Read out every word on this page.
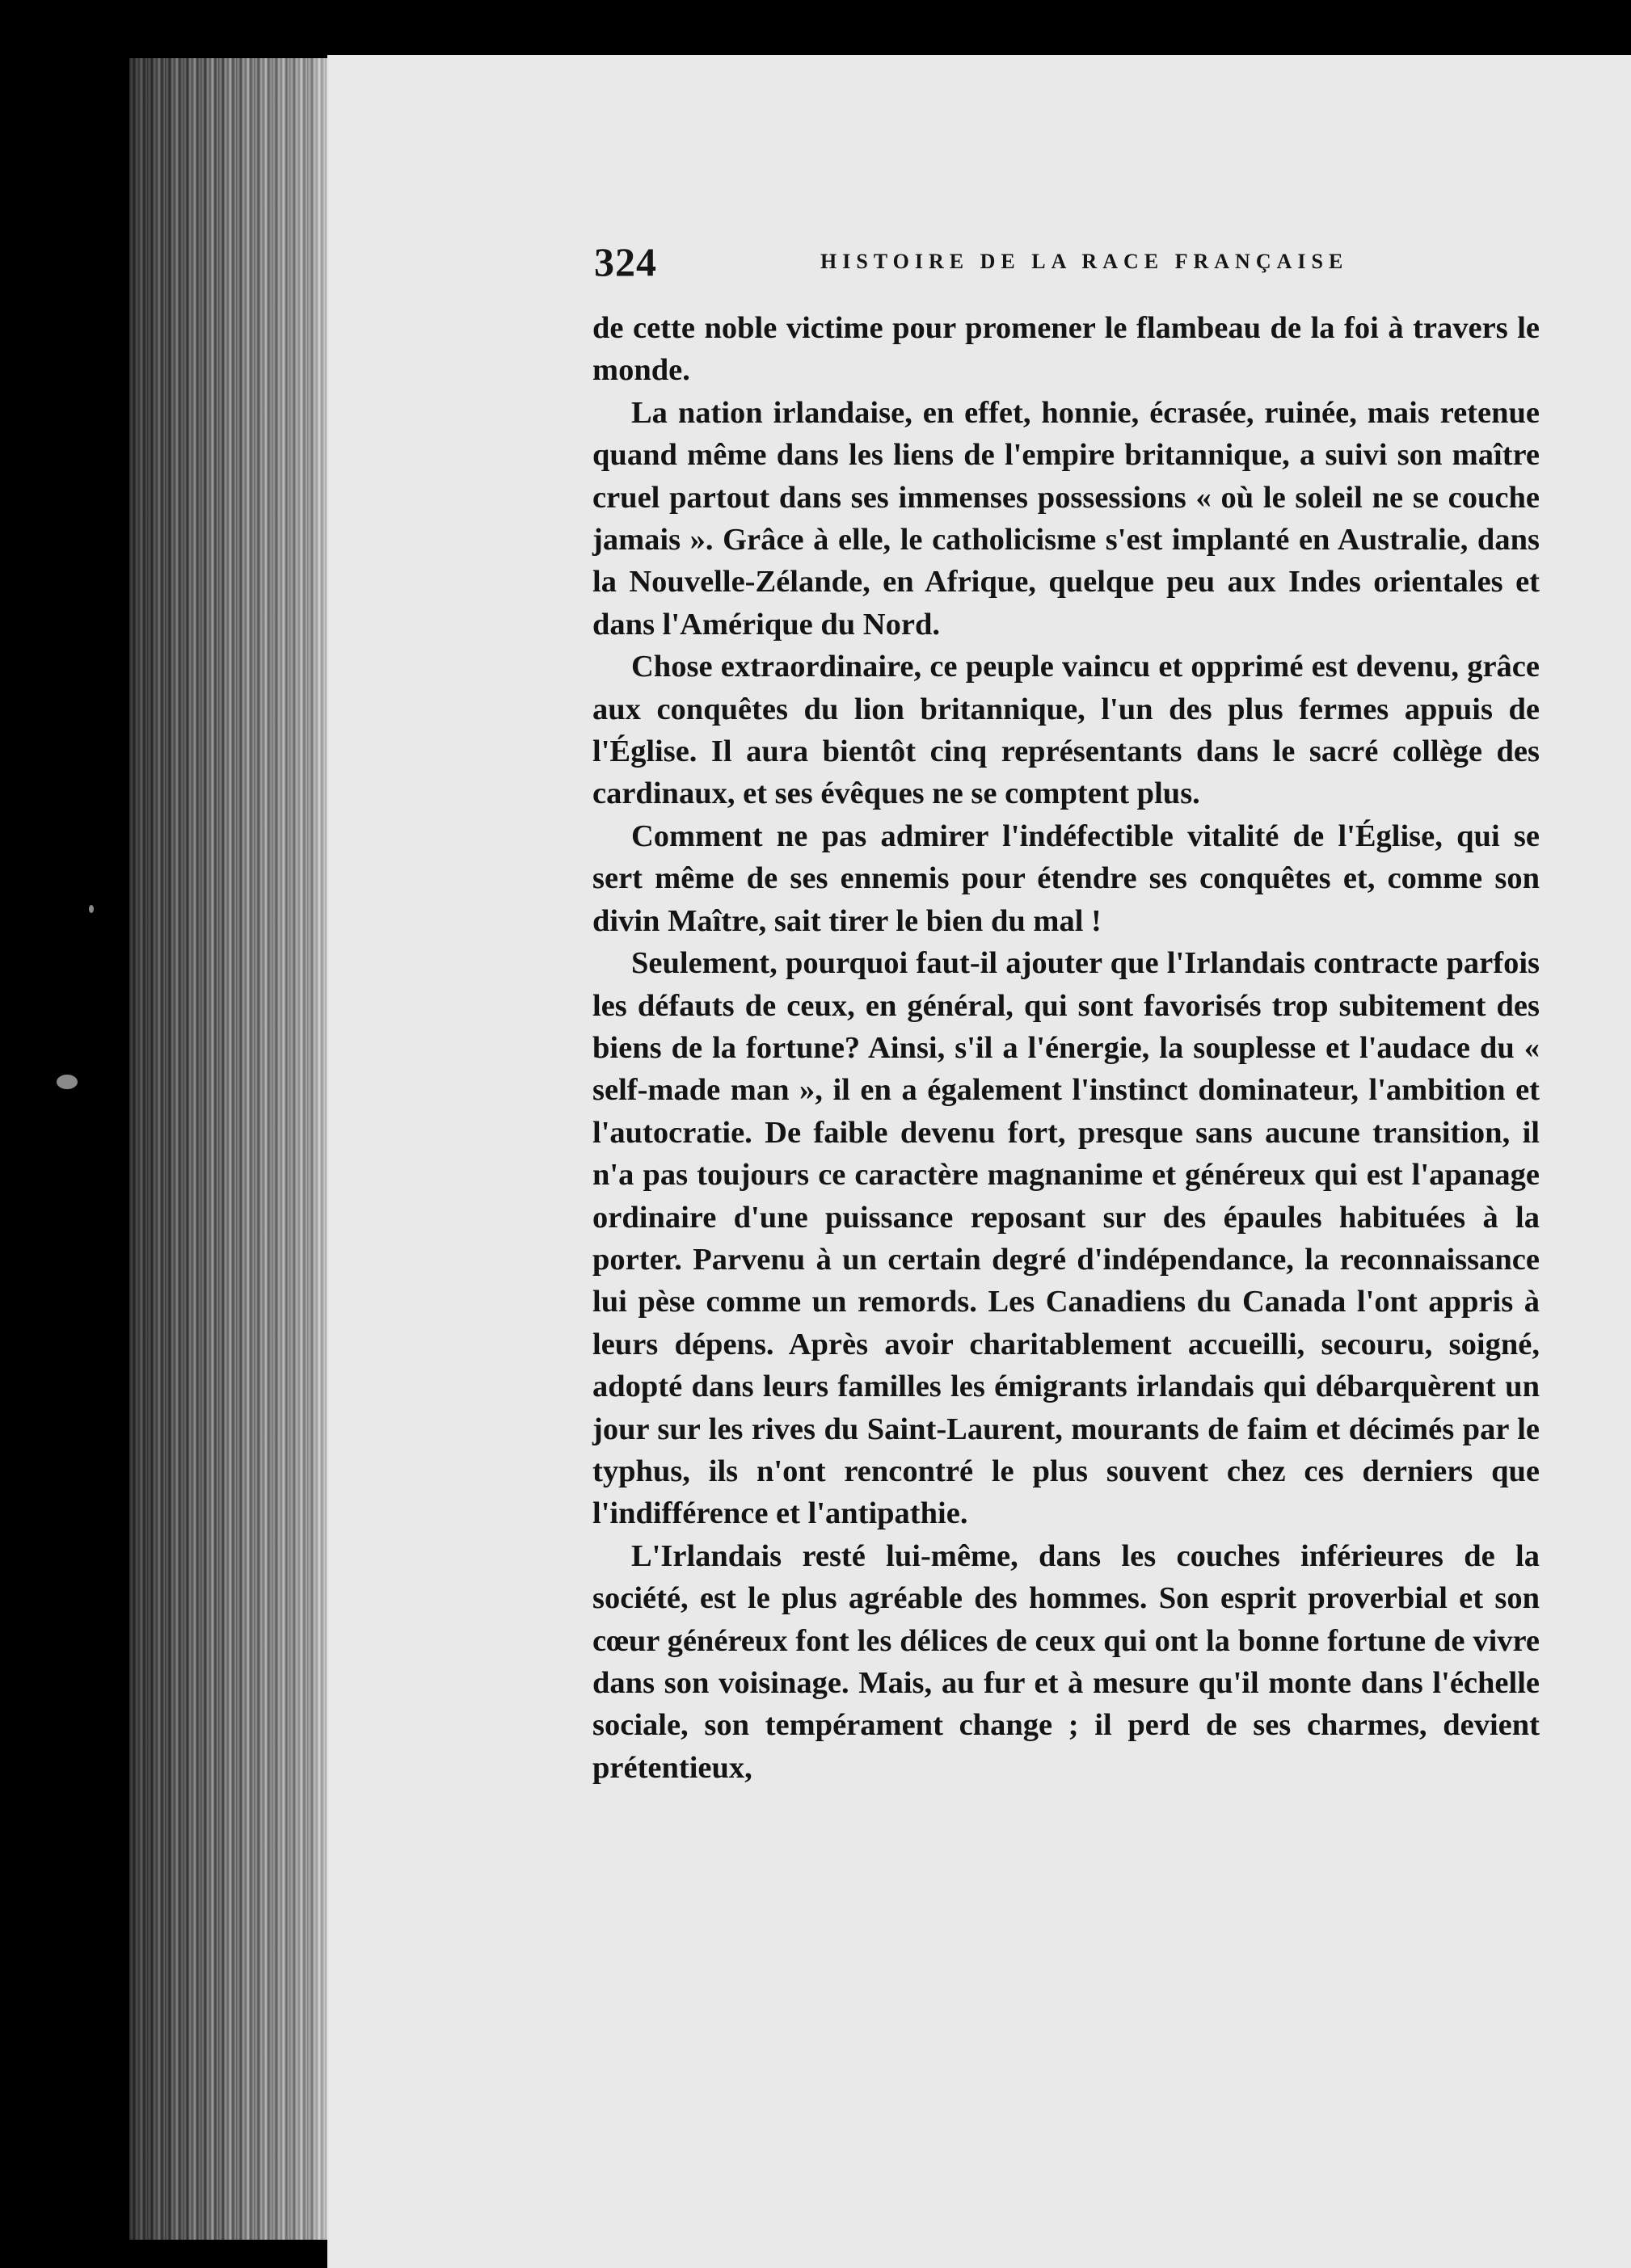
324	HISTOIRE DE LA RACE FRANÇAISE

de cette noble victime pour promener le flambeau de la foi à travers le monde.

La nation irlandaise, en effet, honnie, écrasée, ruinée, mais retenue quand même dans les liens de l'empire britannique, a suivi son maître cruel partout dans ses immenses possessions « où le soleil ne se couche jamais ». Grâce à elle, le catholicisme s'est implanté en Australie, dans la Nouvelle-Zélande, en Afrique, quelque peu aux Indes orientales et dans l'Amérique du Nord.

Chose extraordinaire, ce peuple vaincu et opprimé est devenu, grâce aux conquêtes du lion britannique, l'un des plus fermes appuis de l'Église. Il aura bientôt cinq représentants dans le sacré collège des cardinaux, et ses évêques ne se comptent plus.

Comment ne pas admirer l'indéfectible vitalité de l'Église, qui se sert même de ses ennemis pour étendre ses conquêtes et, comme son divin Maître, sait tirer le bien du mal !

Seulement, pourquoi faut-il ajouter que l'Irlandais contracte parfois les défauts de ceux, en général, qui sont favorisés trop subitement des biens de la fortune? Ainsi, s'il a l'énergie, la souplesse et l'audace du « self-made man », il en a également l'instinct dominateur, l'ambition et l'autocratie. De faible devenu fort, presque sans aucune transition, il n'a pas toujours ce caractère magnanime et généreux qui est l'apanage ordinaire d'une puissance reposant sur des épaules habituées à la porter. Parvenu à un certain degré d'indépendance, la reconnaissance lui pèse comme un remords. Les Canadiens du Canada l'ont appris à leurs dépens. Après avoir charitablement accueilli, secouru, soigné, adopté dans leurs familles les émigrants irlandais qui débarquèrent un jour sur les rives du Saint-Laurent, mourants de faim et décimés par le typhus, ils n'ont rencontré le plus souvent chez ces derniers que l'indifférence et l'antipathie.

L'Irlandais resté lui-même, dans les couches inférieures de la société, est le plus agréable des hommes. Son esprit proverbial et son cœur généreux font les délices de ceux qui ont la bonne fortune de vivre dans son voisinage. Mais, au fur et à mesure qu'il monte dans l'échelle sociale, son tempérament change ; il perd de ses charmes, devient prétentieux,
